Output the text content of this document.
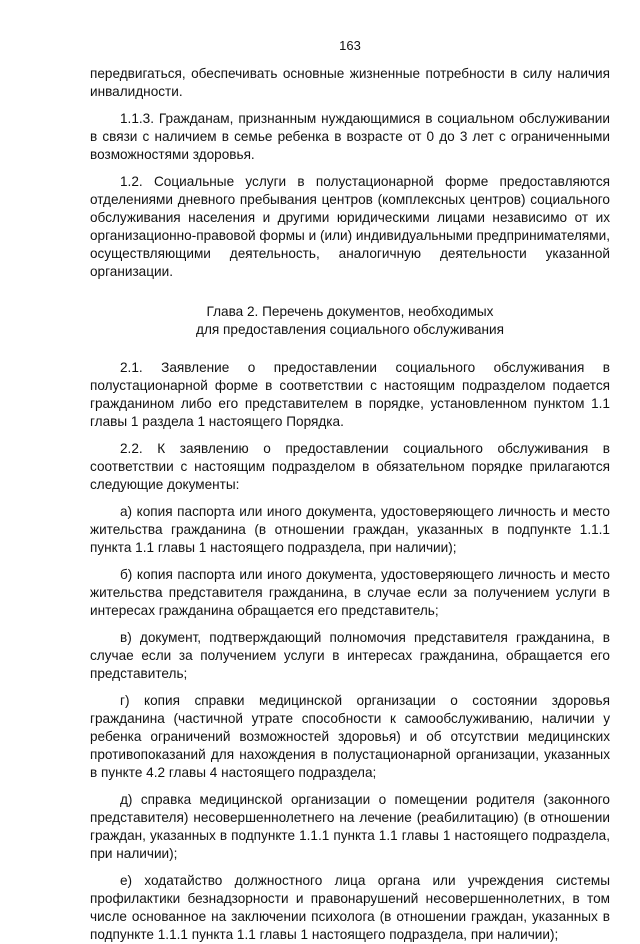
163

передвигаться, обеспечивать основные жизненные потребности в силу наличия инвалидности.

1.1.3. Гражданам, признанным нуждающимися в социальном обслуживании в связи с наличием в семье ребенка в возрасте от 0 до 3 лет с ограниченными возможностями здоровья.

1.2. Социальные услуги в полустационарной форме предоставляются отделениями дневного пребывания центров (комплексных центров) социального обслуживания населения и другими юридическими лицами независимо от их организационно-правовой формы и (или) индивидуальными предпринимателями, осуществляющими деятельность, аналогичную деятельности указанной организации.

Глава 2. Перечень документов, необходимых
для предоставления социального обслуживания

2.1. Заявление о предоставлении социального обслуживания в полустационарной форме в соответствии с настоящим подразделом подается гражданином либо его представителем в порядке, установленном пунктом 1.1 главы 1 раздела 1 настоящего Порядка.

2.2. К заявлению о предоставлении социального обслуживания в соответствии с настоящим подразделом в обязательном порядке прилагаются следующие документы:

а) копия паспорта или иного документа, удостоверяющего личность и место жительства гражданина (в отношении граждан, указанных в подпункте 1.1.1 пункта 1.1 главы 1 настоящего подраздела, при наличии);

б) копия паспорта или иного документа, удостоверяющего личность и место жительства представителя гражданина, в случае если за получением услуги в интересах гражданина обращается его представитель;

в) документ, подтверждающий полномочия представителя гражданина, в случае если за получением услуги в интересах гражданина, обращается его представитель;

г) копия справки медицинской организации о состоянии здоровья гражданина (частичной утрате способности к самообслуживанию, наличии у ребенка ограничений возможностей здоровья) и об отсутствии медицинских противопоказаний для нахождения в полустационарной организации, указанных в пункте 4.2 главы 4 настоящего подраздела;

д) справка медицинской организации о помещении родителя (законного представителя) несовершеннолетнего на лечение (реабилитацию) (в отношении граждан, указанных в подпункте 1.1.1 пункта 1.1 главы 1 настоящего подраздела, при наличии);

е) ходатайство должностного лица органа или учреждения системы профилактики безнадзорности и правонарушений несовершеннолетних, в том числе основанное на заключении психолога (в отношении граждан, указанных в подпункте 1.1.1 пункта 1.1 главы 1 настоящего подраздела, при наличии);
